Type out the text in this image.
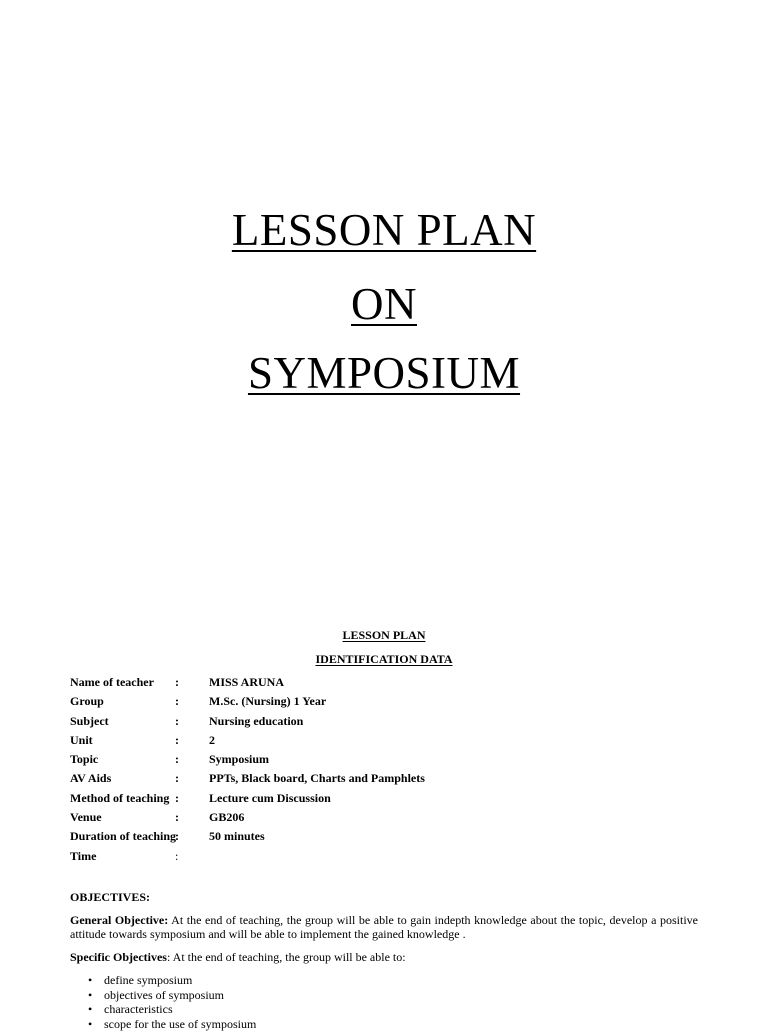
LESSON PLAN
ON
SYMPOSIUM
LESSON PLAN
IDENTIFICATION DATA
Name of teacher	:	MISS ARUNA
Group	:	M.Sc. (Nursing) 1 Year
Subject	:	Nursing education
Unit	:	2
Topic	:	Symposium
AV Aids	:	PPTs, Black board, Charts and Pamphlets
Method of teaching :	Lecture cum Discussion
Venue	:	GB206
Duration of teaching :	50 minutes
Time	:
OBJECTIVES:
General Objective: At the end of teaching, the group will be able to gain indepth knowledge about the topic, develop a positive attitude towards symposium and will be able to implement the gained knowledge .
Specific Objectives: At the end of teaching, the group will be able to:
• define symposium
• objectives of symposium
• characteristics
• scope for the use of symposium
